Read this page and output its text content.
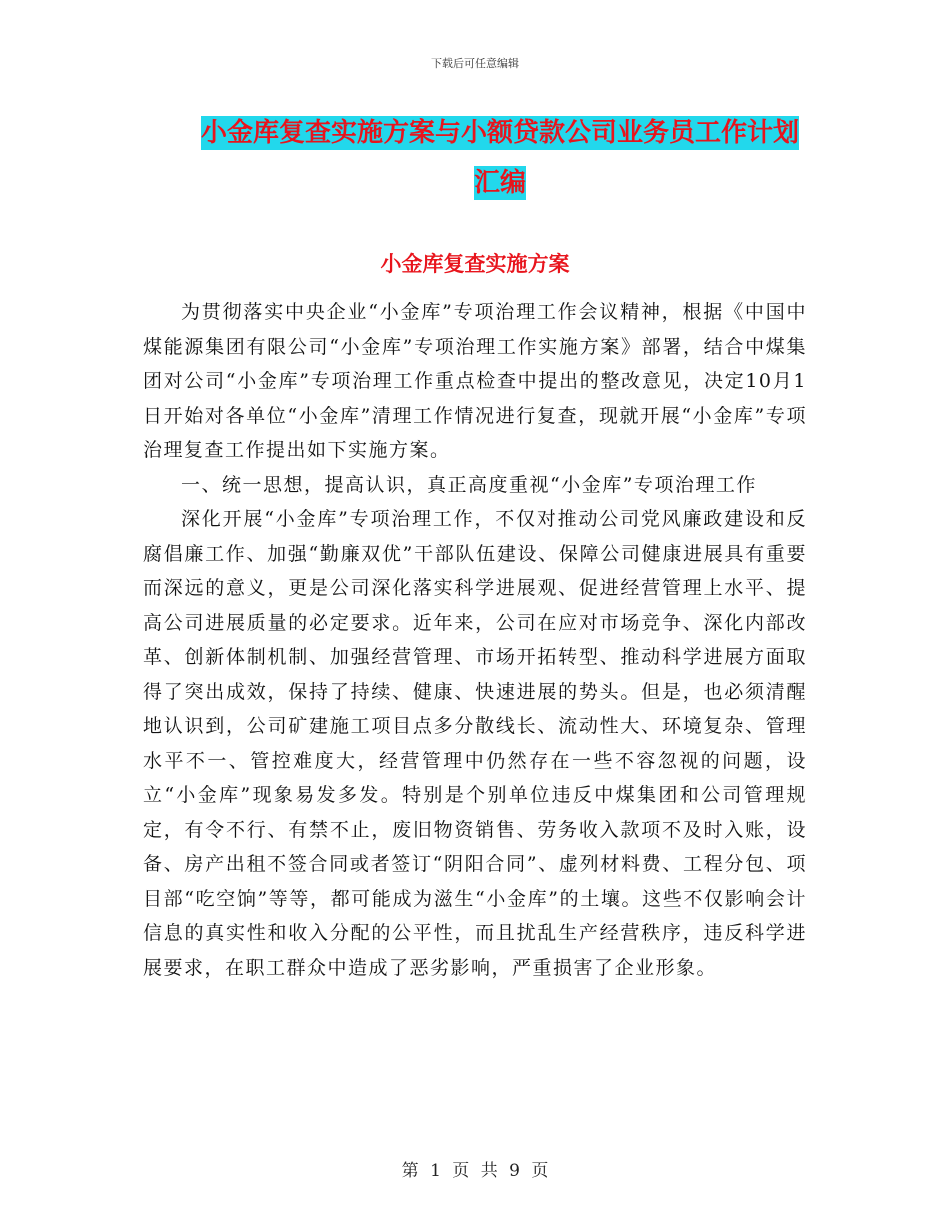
下载后可任意编辑
小金库复查实施方案与小额贷款公司业务员工作计划
汇编
小金库复查实施方案

为贯彻落实中央企业“小金库”专项治理工作会议精神，根据《中国中煤能源集团有限公司“小金库”专项治理工作实施方案》部署，结合中煤集团对公司“小金库”专项治理工作重点检查中提出的整改意见，决定10月1日开始对各单位“小金库”清理工作情况进行复查，现就开展“小金库”专项治理复查工作提出如下实施方案。

一、统一思想，提高认识，真正高度重视“小金库”专项治理工作

深化开展“小金库”专项治理工作，不仅对推动公司党风廉政建设和反腐倡廉工作、加强“勤廉双优”干部队伍建设、保障公司健康进展具有重要而深远的意义，更是公司深化落实科学进展观、促进经营管理上水平、提高公司进展质量的必定要求。近年来，公司在应对市场竞争、深化内部改革、创新体制机制、加强经营管理、市场开拓转型、推动科学进展方面取得了突出成效，保持了持续、健康、快速进展的势头。但是，也必须清醒地认识到，公司矿建施工项目点多分散线长、流动性大、环境复杂、管理水平不一、管控难度大，经营管理中仍然存在一些不容忽视的问题，设立“小金库”现象易发多发。特别是个别单位违反中煤集团和公司管理规定，有令不行、有禁不止，废旧物资销售、劳务收入款项不及时入账，设备、房产出租不签合同或者签订“阴阳合同”、虚列材料费、工程分包、项目部“吃空饷”等等，都可能成为滋生“小金库”的土壤。这些不仅影响会计信息的真实性和收入分配的公平性，而且扰乱生产经营秩序，违反科学进展要求，在职工群众中造成了恶劣影响，严重损害了企业形象。

第 1 页 共 9 页
